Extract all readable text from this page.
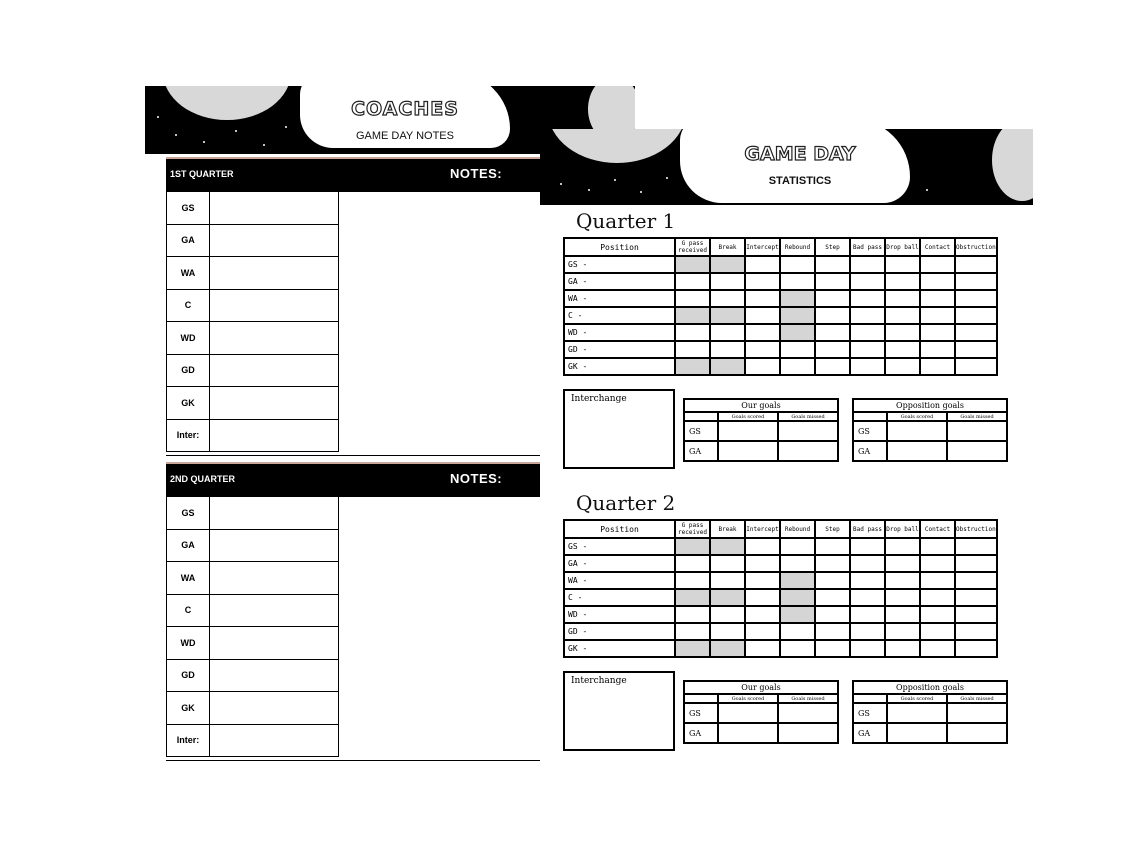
COACHES
GAME DAY NOTES
1ST QUARTER	NOTES:
GS	
GA	
WA	
C	
WD	
GD	
GK	
Inter:	
2ND QUARTER	NOTES:
GS	
GA	
WA	
C	
WD	
GD	
GK	
Inter:	
GAME DAY
STATISTICS
Quarter 1
Position	G pass received	Break	Intercept	Rebound	Step	Bad pass	Drop ball	Contact	Obstruction
GS -									
GA -									
WA -									
C -									
WD -									
GD -									
GK -									
Interchange
Our goals		
	Goals scored	Goals missed
GS		
GA		
Opposition goals		
	Goals scored	Goals missed
GS		
GA		
Quarter 2
Position	G pass received	Break	Intercept	Rebound	Step	Bad pass	Drop ball	Contact	Obstruction
GS -									
GA -									
WA -									
C -									
WD -									
GD -									
GK -									
Interchange
Our goals		
	Goals scored	Goals missed
GS		
GA		
Opposition goals		
	Goals scored	Goals missed
GS		
GA		
